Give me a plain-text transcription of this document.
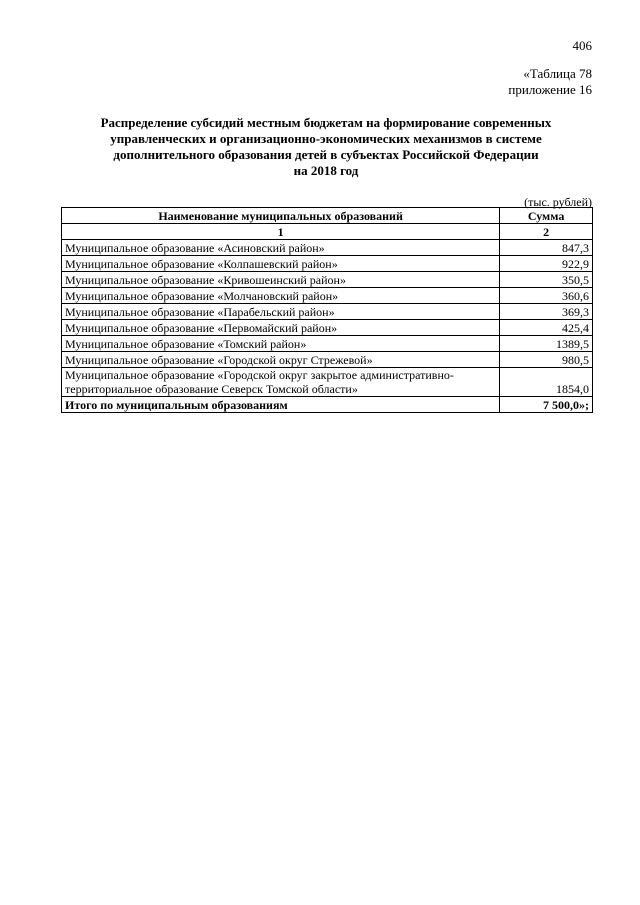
406
«Таблица 78
приложение 16
Распределение субсидий местным бюджетам на формирование современных
управленческих и организационно-экономических механизмов в системе
дополнительного образования детей в субъектах Российской Федерации
на 2018 год
(тыс. рублей)
Наименование муниципальных образований	Сумма
1	2
Муниципальное образование «Асиновский район»	847,3
Муниципальное образование «Колпашевский район»	922,9
Муниципальное образование «Кривошеинский район»	350,5
Муниципальное образование «Молчановский район»	360,6
Муниципальное образование «Парабельский район»	369,3
Муниципальное образование «Первомайский район»	425,4
Муниципальное образование «Томский район»	1389,5
Муниципальное образование «Городской округ Стрежевой»	980,5

Муниципальное образование «Городской округ закрытое административно-
территориальное образование Северск Томской области»	1854,0
Итого по муниципальным образованиям	7 500,0»;
